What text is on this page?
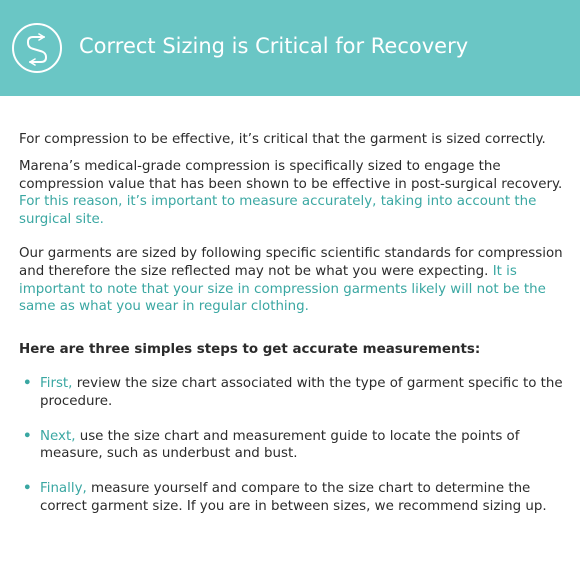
Correct Sizing is Critical for Recovery

For compression to be effective, it’s critical that the garment is sized correctly.

Marena’s medical-grade compression is specifically sized to engage the compression value that has been shown to be effective in post-surgical recovery. For this reason, it’s important to measure accurately, taking into account the surgical site.

Our garments are sized by following specific scientific standards for compression and therefore the size reflected may not be what you were expecting. It is important to note that your size in compression garments likely will not be the same as what you wear in regular clothing.

Here are three simples steps to get accurate measurements:

• First, review the size chart associated with the type of garment specific to the procedure.
• Next, use the size chart and measurement guide to locate the points of measure, such as underbust and bust.
• Finally, measure yourself and compare to the size chart to determine the correct garment size. If you are in between sizes, we recommend sizing up.
